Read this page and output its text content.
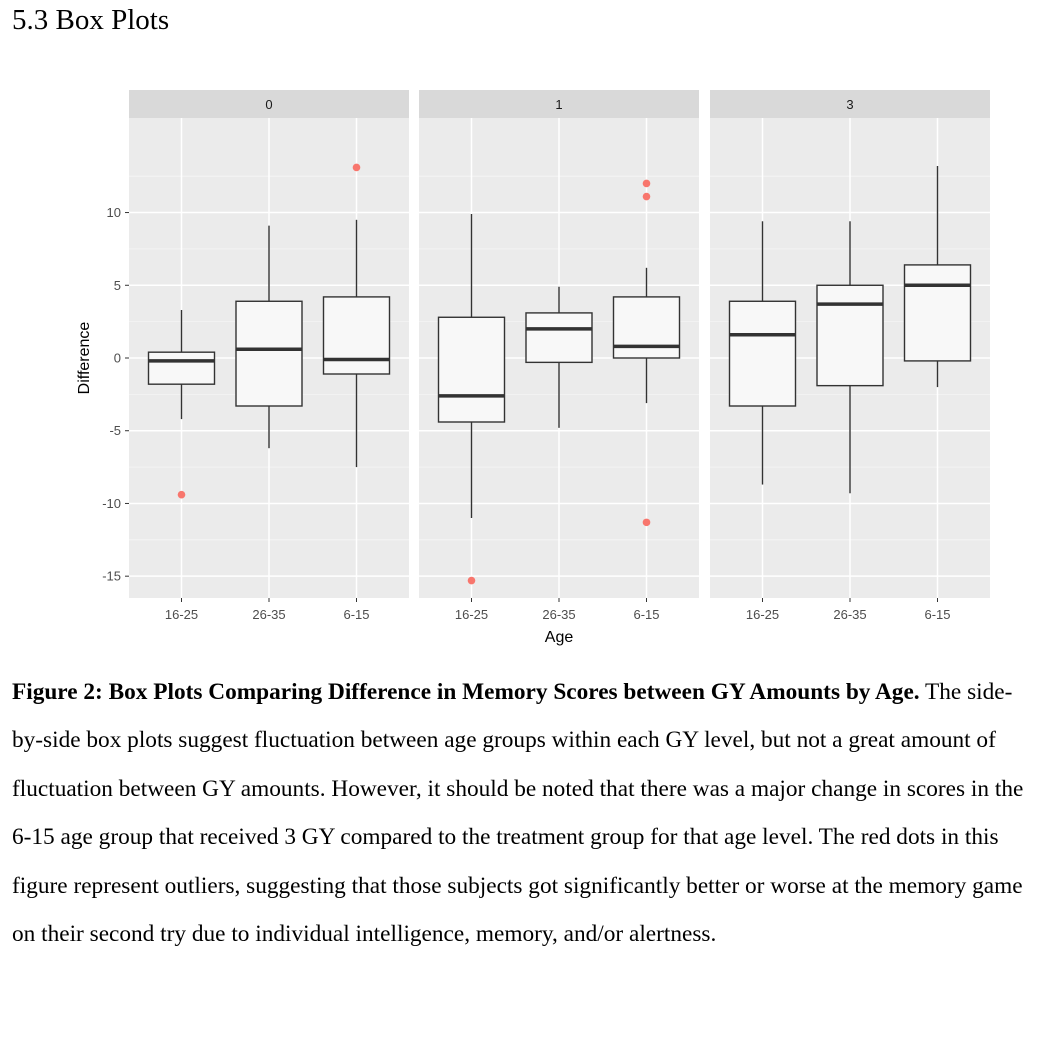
5.3 Box Plots
0
16-25	26-35	6-15
1
16-25	26-35	6-15
3
16-25	26-35	6-15
10
5
0
-5
-10
-15
Age
Difference

Figure 2: Box Plots Comparing Difference in Memory Scores between GY Amounts by Age. The side-by-side box plots suggest fluctuation between age groups within each GY level, but not a great amount of fluctuation between GY amounts. However, it should be noted that there was a major change in scores in the 6-15 age group that received 3 GY compared to the treatment group for that age level. The red dots in this figure represent outliers, suggesting that those subjects got significantly better or worse at the memory game on their second try due to individual intelligence, memory, and/or alertness.
